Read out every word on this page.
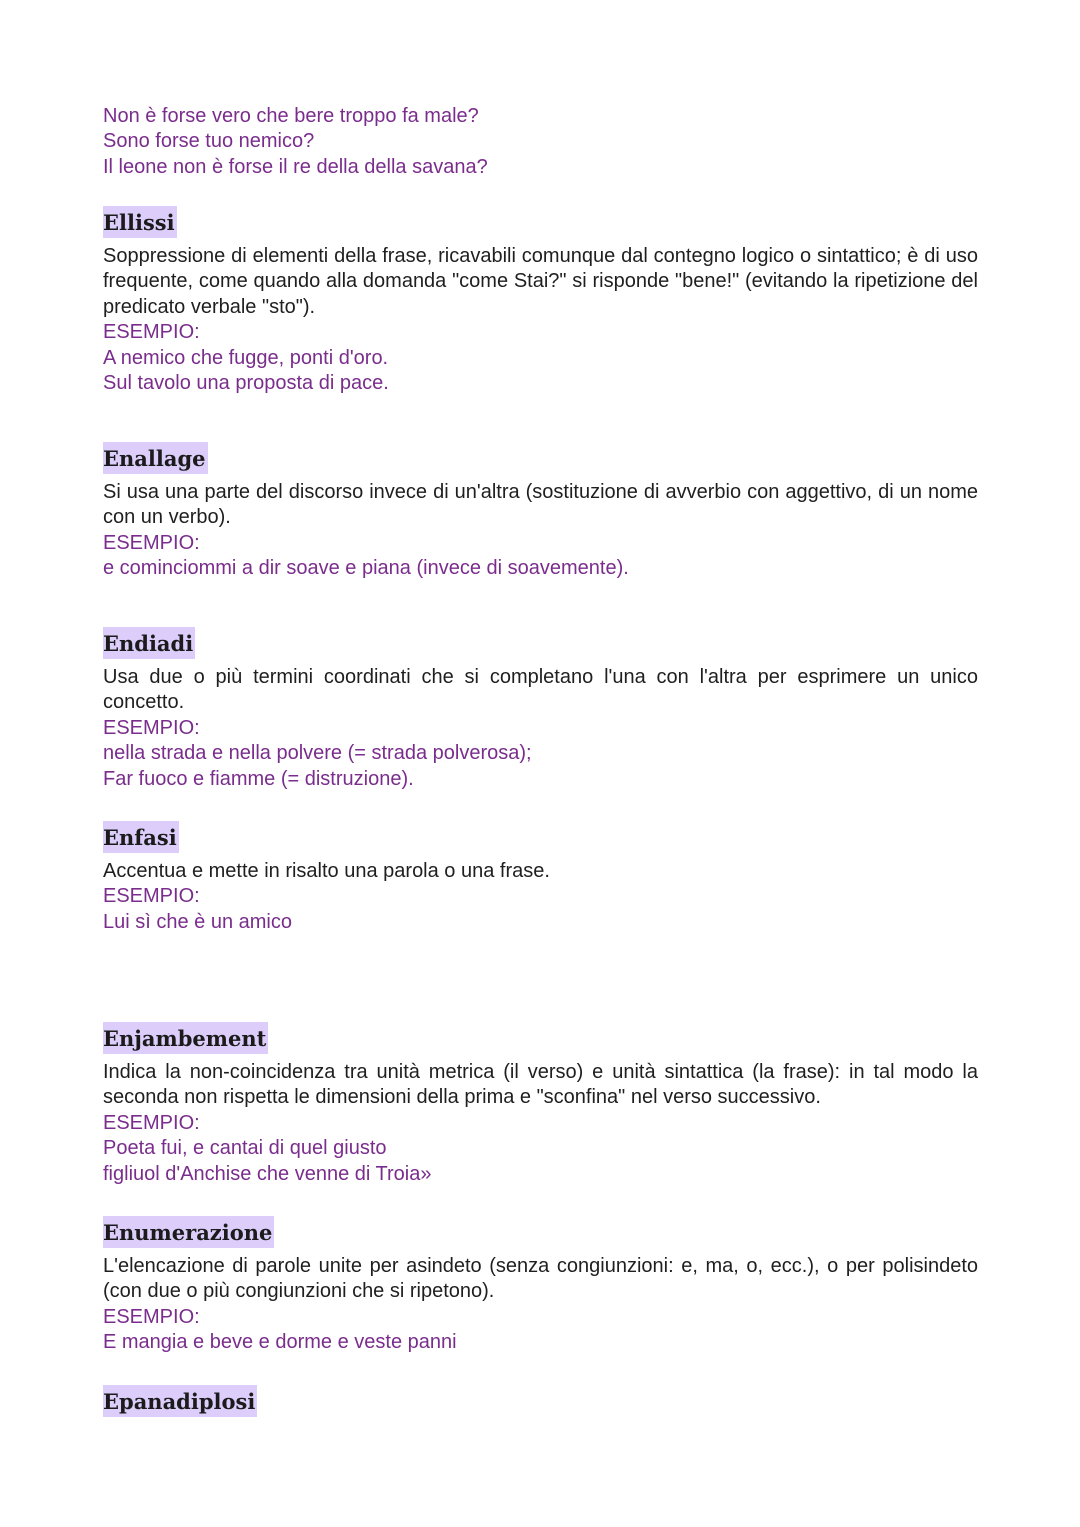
Non è forse vero che bere troppo fa male?

Sono forse tuo nemico?

Il leone non è forse il re della della savana?

Ellissi

Soppressione di elementi della frase, ricavabili comunque dal contegno logico o sintattico; è di uso frequente, come quando alla domanda "come Stai?" si risponde "bene!" (evitando la ripetizione del predicato verbale "sto").

ESEMPIO:

A nemico che fugge, ponti d'oro.

Sul tavolo una proposta di pace.

Enallage

Si usa una parte del discorso invece di un'altra (sostituzione di avverbio con aggettivo, di un nome con un verbo).

ESEMPIO:

e cominciommi a dir soave e piana (invece di soavemente).

Endiadi

Usa due o più termini coordinati che si completano l'una con l'altra per esprimere un unico concetto.

ESEMPIO:

nella strada e nella polvere (= strada polverosa);

Far fuoco e fiamme (= distruzione).

Enfasi

Accentua e mette in risalto una parola o una frase.

ESEMPIO:

Lui sì che è un amico

Enjambement

Indica la non-coincidenza tra unità metrica (il verso) e unità sintattica (la frase): in tal modo la seconda non rispetta le dimensioni della prima e "sconfina" nel verso successivo.

ESEMPIO:

Poeta fui, e cantai di quel giusto

figliuol d'Anchise che venne di Troia»

Enumerazione

L'elencazione di parole unite per asindeto (senza congiunzioni: e, ma, o, ecc.), o per polisindeto (con due o più congiunzioni che si ripetono).

ESEMPIO:

E mangia e beve e dorme e veste panni

Epanadiplosi
